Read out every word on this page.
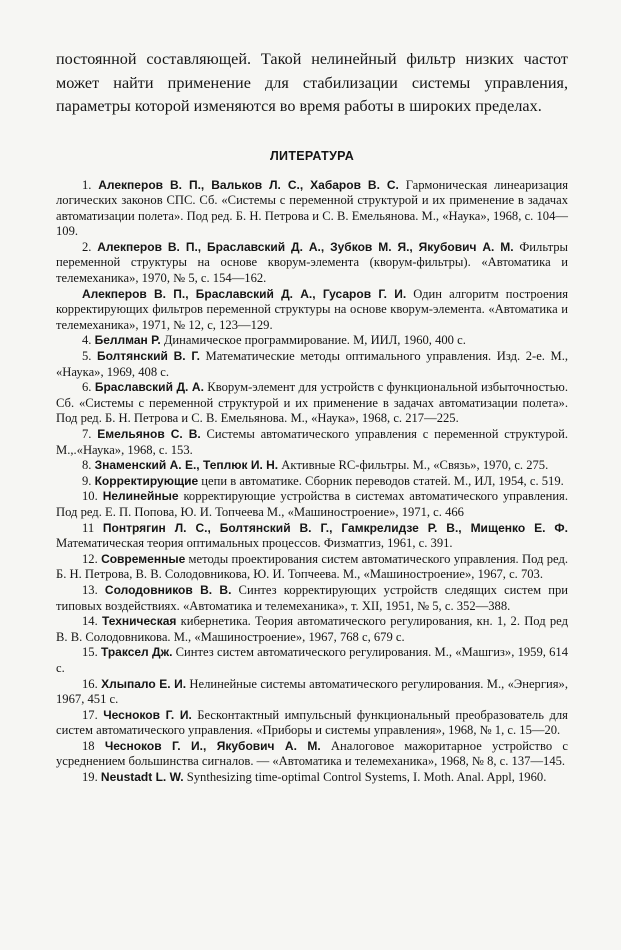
постоянной составляющей. Такой нелинейный фильтр низких частот может найти применение для стабилизации системы управления, параметры которой изменяются во время работы в широких пределах.

ЛИТЕРАТУРА

1. Алекперов В. П., Вальков Л. С., Хабаров В. С. Гармоническая линеаризация логических законов СПС. Сб. «Системы с переменной структурой и их применение в задачах автоматизации полета». Под ред. Б. Н. Петрова и С. В. Емельянова. М., «Наука», 1968, с. 104—109.

2. Алекперов В. П., Браславский Д. А., Зубков М. Я., Якубович А. М. Фильтры переменной структуры на основе кворум-элемента (кворум-фильтры). «Автоматика и телемеханика», 1970, № 5, с. 154—162.

Алекперов В. П., Браславский Д. А., Гусаров Г. И. Один алгоритм построения корректирующих фильтров переменной структуры на основе кворум-элемента. «Автоматика и телемеханика», 1971, № 12, с, 123—129.

4. Беллман Р. Динамическое программирование. М, ИИЛ, 1960, 400 с.

5. Болтянский В. Г. Математические методы оптимального управления. Изд. 2-е. М., «Наука», 1969, 408 с.

6. Браславский Д. А. Кворум-элемент для устройств с функциональной избыточностью. Сб. «Системы с переменной структурой и их применение в задачах автоматизации полета». Под ред. Б. Н. Петрова и С. В. Емельянова. М., «Наука», 1968, с. 217—225.

7. Емельянов С. В. Системы автоматического управления с переменной структурой. М.,.«Наука», 1968, с. 153.

8. Знаменский А. Е., Теплюк И. Н. Активные RC-фильтры. М., «Связь», 1970, с. 275.

9. Корректирующие цепи в автоматике. Сборник переводов статей. М., ИЛ, 1954, с. 519.

10. Нелинейные корректирующие устройства в системах автоматического управления. Под ред. Е. П. Попова, Ю. И. Топчеева М., «Машиностроение», 1971, с. 466

11 Понтрягин Л. С., Болтянский В. Г., Гамкрелидзе Р. В., Мищенко Е. Ф. Математическая теория оптимальных процессов. Физматгиз, 1961, с. 391.

12. Современные методы проектирования систем автоматического управления. Под ред. Б. Н. Петрова, В. В. Солодовникова, Ю. И. Топчеева. М., «Машиностроение», 1967, с. 703.

13. Солодовников В. В. Синтез корректирующих устройств следящих систем при типовых воздействиях. «Автоматика и телемеханика», т. XII, 1951, № 5, с. 352—388.

14. Техническая кибернетика. Теория автоматического регулирования, кн. 1, 2. Под ред В. В. Солодовникова. М., «Машиностроение», 1967, 768 с, 679 с.

15. Траксел Дж. Синтез систем автоматического регулирования. М., «Машгиз», 1959, 614 с.

16. Хлыпало Е. И. Нелинейные системы автоматического регулирования. М., «Энергия», 1967, 451 с.

17. Чесноков Г. И. Бесконтактный импульсный функциональный преобразователь для систем автоматического управления. «Приборы и системы управления», 1968, № 1, с. 15—20.

18 Чесноков Г. И., Якубович А. М. Аналоговое мажоритарное устройство с усреднением большинства сигналов. — «Автоматика и телемеханика», 1968, № 8, с. 137—145.

19. Neustadt L. W. Synthesizing time-optimal Control Systems, I. Moth. Anal. Appl, 1960.
